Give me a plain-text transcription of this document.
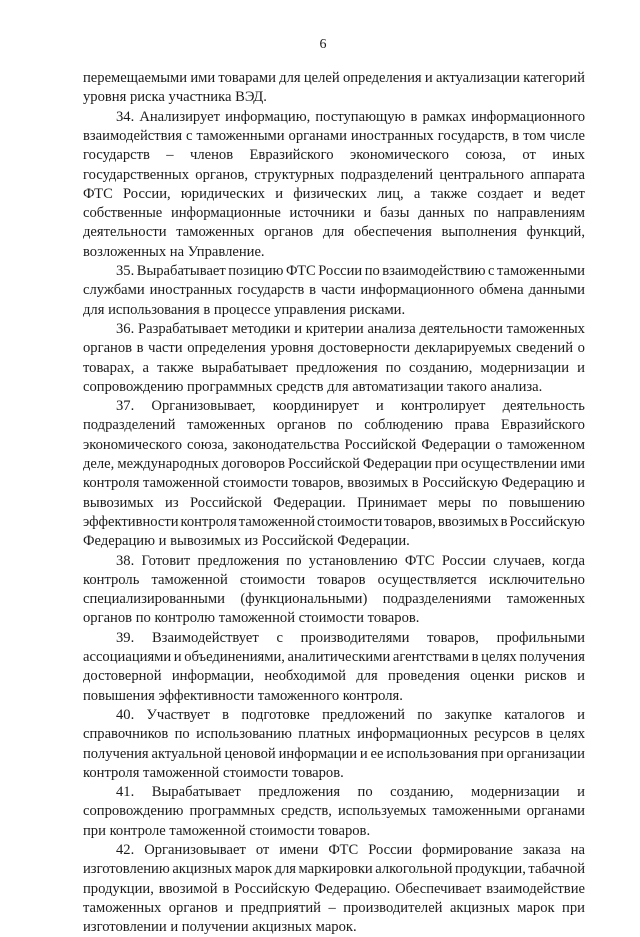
6
перемещаемыми ими товарами для целей определения и актуализации категорий
уровня риска участника ВЭД.
34. Анализирует информацию, поступающую в рамках информационного
взаимодействия с таможенными органами иностранных государств, в том числе
государств – членов Евразийского экономического союза, от иных
государственных органов, структурных подразделений центрального аппарата
ФТС России, юридических и физических лиц, а также создает и ведет
собственные информационные источники и базы данных по направлениям
деятельности таможенных органов для обеспечения выполнения функций,
возложенных на Управление.
35. Вырабатывает позицию ФТС России по взаимодействию с таможенными
службами иностранных государств в части информационного обмена данными
для использования в процессе управления рисками.
36. Разрабатывает методики и критерии анализа деятельности таможенных
органов в части определения уровня достоверности декларируемых сведений о
товарах, а также вырабатывает предложения по созданию, модернизации и
сопровождению программных средств для автоматизации такого анализа.
37. Организовывает, координирует и контролирует деятельность
подразделений таможенных органов по соблюдению права Евразийского
экономического союза, законодательства Российской Федерации о таможенном
деле, международных договоров Российской Федерации при осуществлении ими
контроля таможенной стоимости товаров, ввозимых в Российскую Федерацию и
вывозимых из Российской Федерации. Принимает меры по повышению
эффективности контроля таможенной стоимости товаров, ввозимых в Российскую
Федерацию и вывозимых из Российской Федерации.
38. Готовит предложения по установлению ФТС России случаев, когда
контроль таможенной стоимости товаров осуществляется исключительно
специализированными (функциональными) подразделениями таможенных
органов по контролю таможенной стоимости товаров.
39. Взаимодействует с производителями товаров, профильными
ассоциациями и объединениями, аналитическими агентствами в целях получения
достоверной информации, необходимой для проведения оценки рисков и
повышения эффективности таможенного контроля.
40. Участвует в подготовке предложений по закупке каталогов и
справочников по использованию платных информационных ресурсов в целях
получения актуальной ценовой информации и ее использования при организации
контроля таможенной стоимости товаров.
41. Вырабатывает предложения по созданию, модернизации и
сопровождению программных средств, используемых таможенными органами
при контроле таможенной стоимости товаров.
42. Организовывает от имени ФТС России формирование заказа на
изготовлению акцизных марок для маркировки алкогольной продукции, табачной
продукции, ввозимой в Российскую Федерацию. Обеспечивает взаимодействие
таможенных органов и предприятий – производителей акцизных марок при
изготовлении и получении акцизных марок.
